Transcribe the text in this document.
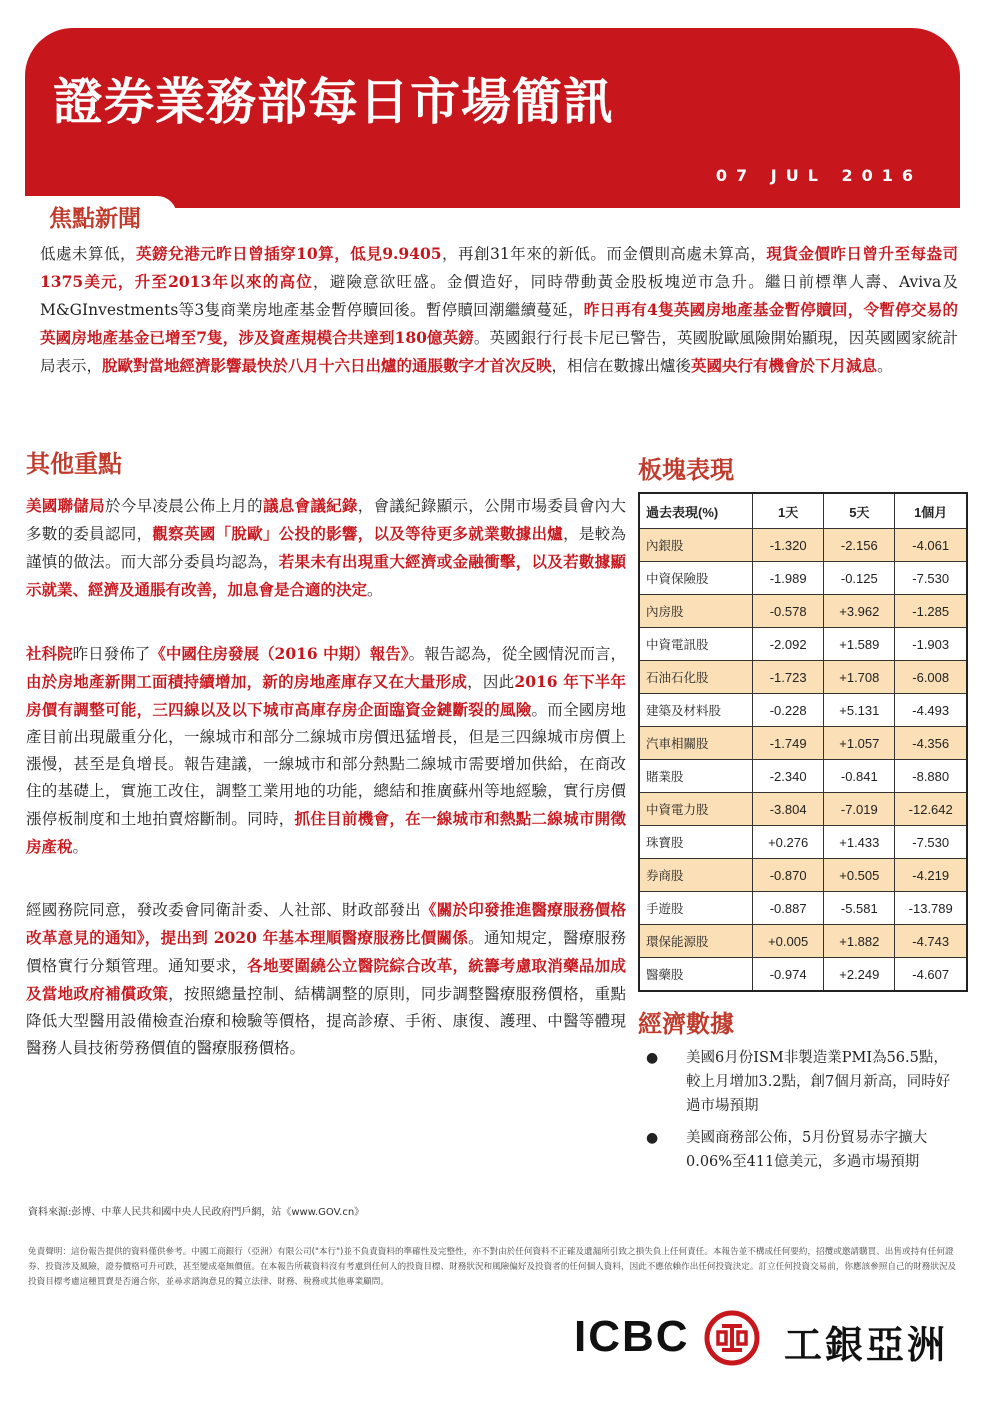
證券業務部每日市場簡訊
07 JUL 2016
焦點新聞
低處未算低，英鎊兌港元昨日曾插穿10算，低見9.9405，再創31年來的新低。而金價則高處未算高，現貨金價昨日曾升至每盎司1375美元，升至2013年以來的高位，避險意欲旺盛。金價造好，同時帶動黃金股板塊逆市急升。繼日前標準人壽、Aviva及M&GInvestments等3隻商業房地產基金暫停贖回後。暫停贖回潮繼續蔓延，昨日再有4隻英國房地產基金暫停贖回，令暫停交易的英國房地產基金已增至7隻，涉及資產規模合共達到180億英鎊。英國銀行行長卡尼已警告，英國脫歐風險開始顯現，因英國國家統計局表示，脫歐對當地經濟影響最快於八月十六日出爐的通脹數字才首次反映，相信在數據出爐後英國央行有機會於下月減息。
其他重點
美國聯儲局於今早凌晨公佈上月的議息會議紀錄，會議紀錄顯示，公開市場委員會內大多數的委員認同，觀察英國「脫歐」公投的影響，以及等待更多就業數據出爐，是較為謹慎的做法。而大部分委員均認為，若果未有出現重大經濟或金融衝擊，以及若數據顯示就業、經濟及通脹有改善，加息會是合適的決定。
社科院昨日發佈了《中國住房發展（2016 中期）報告》。報告認為，從全國情況而言，由於房地產新開工面積持續增加，新的房地產庫存又在大量形成，因此2016 年下半年房價有調整可能，三四線以及以下城市高庫存房企面臨資金鏈斷裂的風險。而全國房地產目前出現嚴重分化，一線城市和部分二線城市房價迅猛增長，但是三四線城市房價上漲慢，甚至是負增長。報告建議，一線城市和部分熱點二線城市需要增加供給，在商改住的基礎上，實施工改住，調整工業用地的功能，總結和推廣蘇州等地經驗，實行房價漲停板制度和土地拍賣熔斷制。同時，抓住目前機會，在一線城市和熱點二線城市開徵房產稅。
經國務院同意，發改委會同衛計委、人社部、財政部發出《關於印發推進醫療服務價格改革意見的通知》，提出到 2020 年基本理順醫療服務比價關係。通知規定，醫療服務價格實行分類管理。通知要求，各地要圍繞公立醫院綜合改革，統籌考慮取消藥品加成及當地政府補償政策，按照總量控制、結構調整的原則，同步調整醫療服務價格，重點降低大型醫用設備檢查治療和檢驗等價格，提高診療、手術、康復、護理、中醫等體現醫務人員技術勞務價值的醫療服務價格。
板塊表現
過去表現(%)	1天	5天	1個月
內銀股	-1.320	-2.156	-4.061
中資保險股	-1.989	-0.125	-7.530
內房股	-0.578	+3.962	-1.285
中資電訊股	-2.092	+1.589	-1.903
石油石化股	-1.723	+1.708	-6.008
建築及材料股	-0.228	+5.131	-4.493
汽車相關股	-1.749	+1.057	-4.356
賭業股	-2.340	-0.841	-8.880
中資電力股	-3.804	-7.019	-12.642
珠寶股	+0.276	+1.433	-7.530
券商股	-0.870	+0.505	-4.219
手遊股	-0.887	-5.581	-13.789
環保能源股	+0.005	+1.882	-4.743
醫藥股	-0.974	+2.249	-4.607
經濟數據
● 美國6月份ISM非製造業PMI為56.5點，較上月增加3.2點，創7個月新高，同時好過市場預期
● 美國商務部公佈，5月份貿易赤字擴大0.06%至411億美元，多過市場預期
資料來源:彭博、中華人民共和國中央人民政府門戶網，站《www.GOV.cn》
免責聲明：這份報告提供的資料僅供參考。中國工商銀行（亞洲）有限公司("本行")並不負責資料的準確性及完整性，亦不對由於任何資料不正確及遺漏所引致之損失負上任何責任。本報告並不構成任何要約，招攬或邀請購買、出售或持有任何證券、投資涉及風險，證券價格可升可跌，甚至變成毫無價值。在本報告所載資料沒有考慮到任何人的投資目標、財務狀況和風險偏好及投資者的任何個人資料，因此不應依賴作出任何投資決定。訂立任何投資交易前，你應該參照自己的財務狀況及投資目標考慮這種買賣是否適合你，並尋求諮詢意見的獨立法律、財務、稅務或其他專業顧問。
ICBC 工銀亞洲
